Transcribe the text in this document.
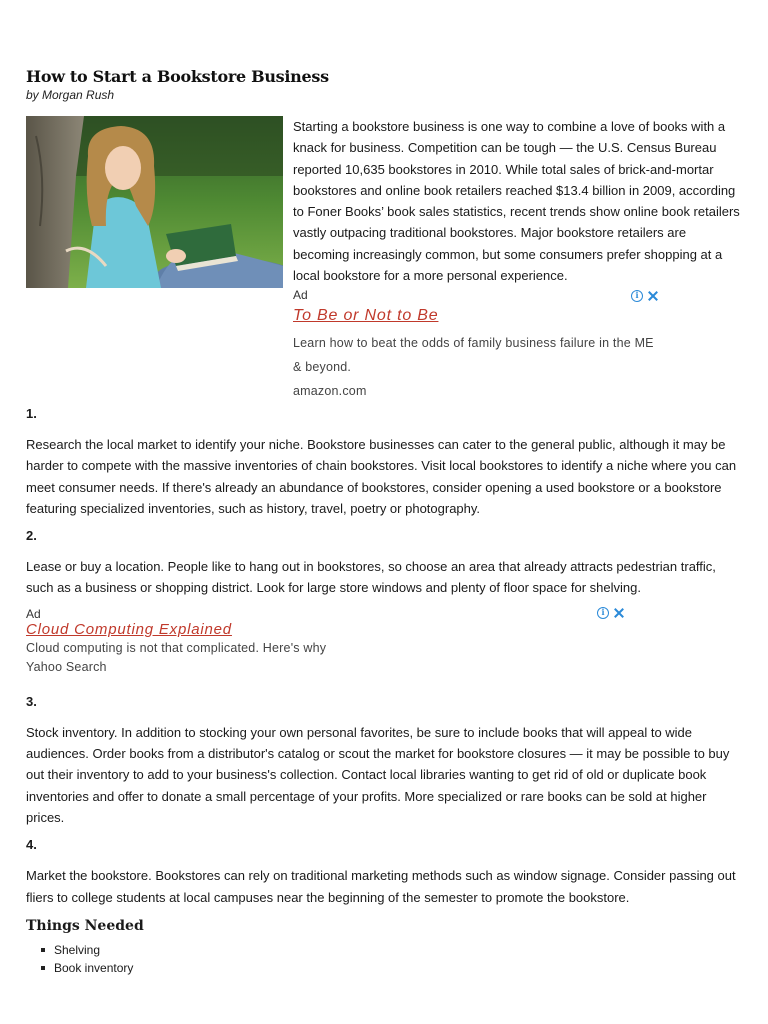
How to Start a Bookstore Business
by Morgan Rush

Starting a bookstore business is one way to combine a love of books with a knack for business. Competition can be tough — the U.S. Census Bureau reported 10,635 bookstores in 2010. While total sales of brick-and-mortar bookstores and online book retailers reached $13.4 billion in 2009, according to Foner Books’ book sales statistics, recent trends show online book retailers vastly outpacing traditional bookstores. Major bookstore retailers are becoming increasingly common, but some consumers prefer shopping at a local bookstore for a more personal experience.

Ad	i
To Be or Not to Be
Learn how to beat the odds of family business failure in the ME & beyond.
amazon.com

1.

Research the local market to identify your niche. Bookstore businesses can cater to the general public, although it may be harder to compete with the massive inventories of chain bookstores. Visit local bookstores to identify a niche where you can meet consumer needs. If there's already an abundance of bookstores, consider opening a used bookstore or a bookstore featuring specialized inventories, such as history, travel, poetry or photography.

2.

Lease or buy a location. People like to hang out in bookstores, so choose an area that already attracts pedestrian traffic, such as a business or shopping district. Look for large store windows and plenty of floor space for shelving.

Ad	i
Cloud Computing Explained
Cloud computing is not that complicated. Here's why
Yahoo Search

3.

Stock inventory. In addition to stocking your own personal favorites, be sure to include books that will appeal to wide audiences. Order books from a distributor's catalog or scout the market for bookstore closures — it may be possible to buy out their inventory to add to your business's collection. Contact local libraries wanting to get rid of old or duplicate book inventories and offer to donate a small percentage of your profits. More specialized or rare books can be sold at higher prices.

4.

Market the bookstore. Bookstores can rely on traditional marketing methods such as window signage. Consider passing out fliers to college students at local campuses near the beginning of the semester to promote the bookstore.

Things Needed
Shelving
Book inventory
